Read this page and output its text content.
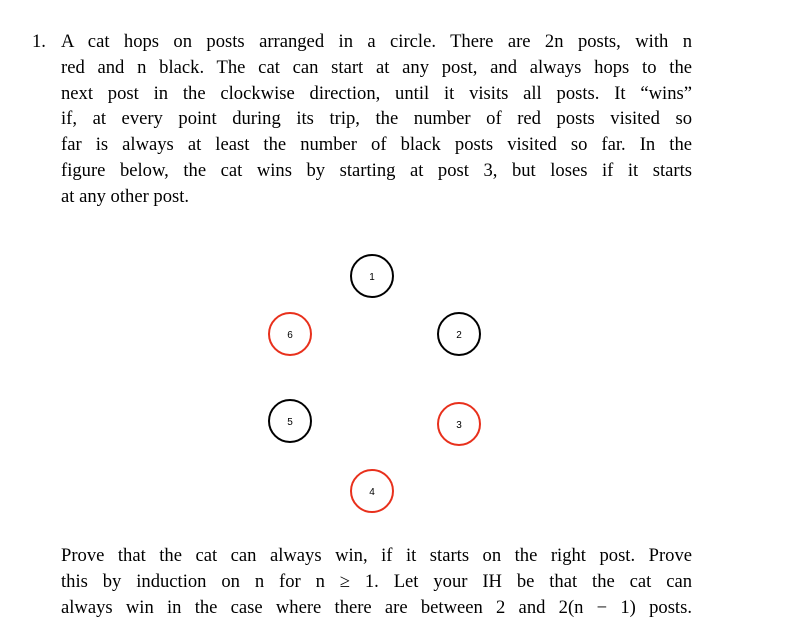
1. A cat hops on posts arranged in a circle. There are 2n posts, with n
red and n black. The cat can start at any post, and always hops to the
next post in the clockwise direction, until it visits all posts. It “wins”
if, at every point during its trip, the number of red posts visited so
far is always at least the number of black posts visited so far. In the
figure below, the cat wins by starting at post 3, but loses if it starts
at any other post.
1
2
3
4
5
6
Prove that the cat can always win, if it starts on the right post. Prove
this by induction on n for n ≥ 1. Let your IH be that the cat can
always win in the case where there are between 2 and 2(n − 1) posts.
